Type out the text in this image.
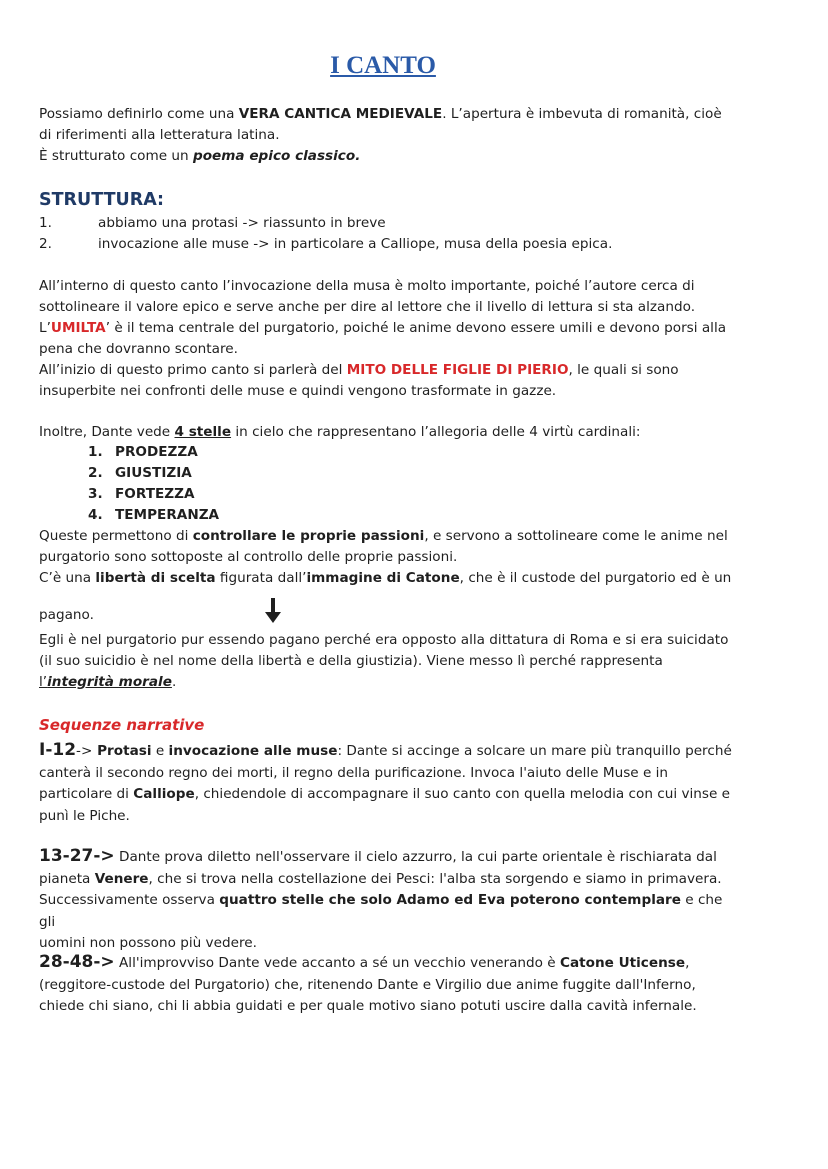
I CANTO

Possiamo definirlo come una VERA CANTICA MEDIEVALE. L’apertura è imbevuta di romanità, cioè

di riferimenti alla letteratura latina.

È strutturato come un poema epico classico.

STRUTTURA:
1.	abbiamo una protasi -> riassunto in breve
2.	invocazione alle muse -> in particolare a Calliope, musa della poesia epica.

All’interno di questo canto l’invocazione della musa è molto importante, poiché l’autore cerca di

sottolineare il valore epico e serve anche per dire al lettore che il livello di lettura si sta alzando.

L’UMILTA’ è il tema centrale del purgatorio, poiché le anime devono essere umili e devono porsi alla

pena che dovranno scontare.

All’inizio di questo primo canto si parlerà del MITO DELLE FIGLIE DI PIERIO, le quali si sono

insuperbite nei confronti delle muse e quindi vengono trasformate in gazze.

Inoltre, Dante vede 4 stelle in cielo che rappresentano l’allegoria delle 4 virtù cardinali:

1. PRODEZZA
2. GIUSTIZIA
3. FORTEZZA
4. TEMPERANZA

Queste permettono di controllare le proprie passioni, e servono a sottolineare come le anime nel

purgatorio sono sottoposte al controllo delle proprie passioni.

C’è una libertà di scelta figurata dall’immagine di Catone, che è il custode del purgatorio ed è un

pagano.

Egli è nel purgatorio pur essendo pagano perché era opposto alla dittatura di Roma e si era suicidato

(il suo suicidio è nel nome della libertà e della giustizia). Viene messo lì perché rappresenta

l’integrità morale.

Sequenze narrative

I-12-> Protasi e invocazione alle muse: Dante si accinge a solcare un mare più tranquillo perché

canterà il secondo regno dei morti, il regno della purificazione. Invoca l'aiuto delle Muse e in

particolare di Calliope, chiedendole di accompagnare il suo canto con quella melodia con cui vinse e

punì le Piche.

13-27-> Dante prova diletto nell'osservare il cielo azzurro, la cui parte orientale è rischiarata dal

pianeta Venere, che si trova nella costellazione dei Pesci: l'alba sta sorgendo e siamo in primavera.

Successivamente osserva quattro stelle che solo Adamo ed Eva poterono contemplare e che gli

uomini non possono più vedere.

28-48-> All'improvviso Dante vede accanto a sé un vecchio venerando è Catone Uticense,

(reggitore-custode del Purgatorio) che, ritenendo Dante e Virgilio due anime fuggite dall'Inferno,

chiede chi siano, chi li abbia guidati e per quale motivo siano potuti uscire dalla cavità infernale.
